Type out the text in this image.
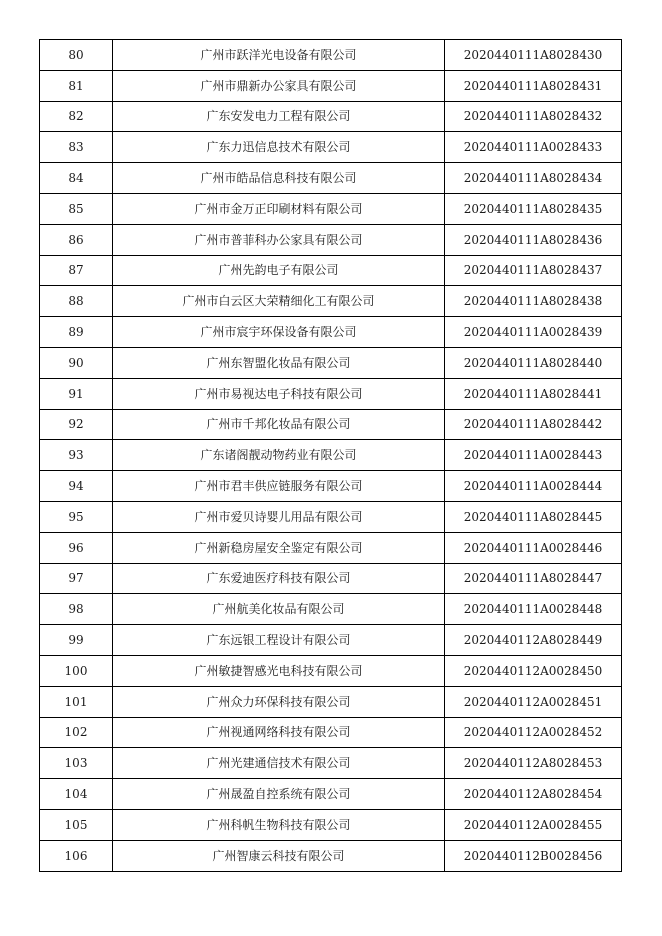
80	广州市跃洋光电设备有限公司	2020440111A8028430
81	广州市鼎新办公家具有限公司	2020440111A8028431
82	广东安发电力工程有限公司	2020440111A8028432
83	广东力迅信息技术有限公司	2020440111A0028433
84	广州市皓品信息科技有限公司	2020440111A8028434
85	广州市金万正印刷材料有限公司	2020440111A8028435
86	广州市普菲科办公家具有限公司	2020440111A8028436
87	广州先韵电子有限公司	2020440111A8028437
88	广州市白云区大荣精细化工有限公司	2020440111A8028438
89	广州市宸宇环保设备有限公司	2020440111A0028439
90	广州东智盟化妆品有限公司	2020440111A8028440
91	广州市易视达电子科技有限公司	2020440111A8028441
92	广州市千邦化妆品有限公司	2020440111A8028442
93	广东诸阁靓动物药业有限公司	2020440111A0028443
94	广州市君丰供应链服务有限公司	2020440111A0028444
95	广州市爱贝诗婴儿用品有限公司	2020440111A8028445
96	广州新稳房屋安全鉴定有限公司	2020440111A0028446
97	广东爱迪医疗科技有限公司	2020440111A8028447
98	广州航美化妆品有限公司	2020440111A0028448
99	广东远银工程设计有限公司	2020440112A8028449
100	广州敏捷智感光电科技有限公司	2020440112A0028450
101	广州众力环保科技有限公司	2020440112A0028451
102	广州视通网络科技有限公司	2020440112A0028452
103	广州光建通信技术有限公司	2020440112A8028453
104	广州晟盈自控系统有限公司	2020440112A8028454
105	广州科帆生物科技有限公司	2020440112A0028455
106	广州智康云科技有限公司	2020440112B0028456
